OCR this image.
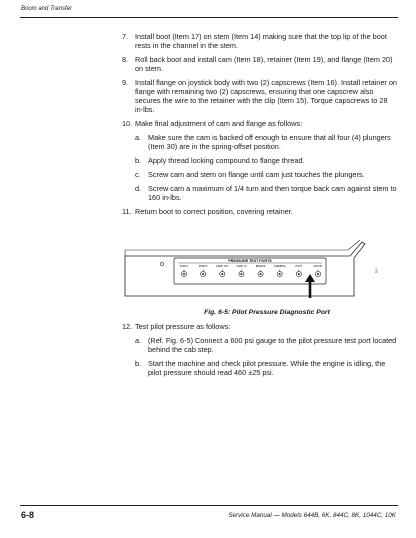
Boom and Transfer
7. Install boot (Item 17) on stem (Item 14) making sure that the top lip of the boot rests in the channel in the stem.
8. Roll back boot and install cam (Item 18), retainer (Item 19), and flange (Item 20) on stem.
9. Install flange on joystick body with two (2) capscrews (Item 16). Install retainer on flange with remaining two (2) capscrews, ensuring that one capscrew also secures the wire to the retainer with the clip (Item 15). Torque capscrews to 28 in-lbs.
10. Make final adjustment of cam and flange as follows:
a. Make sure the cam is backed off enough to ensure that all four (4) plungers (Item 30) are in the spring-offset position.
b. Apply thread locking compound to flange thread.
c. Screw cam and stem on flange until cam just touches the plungers.
d. Screw cam a maximum of 1/4 turn and then torque back cam against stem to 160 in-lbs.
11. Return boot to correct position, covering retainer.
PRESSURE TEST PORTS
PUMP 1	PUMP 2	CARR. OUT	CARR. IN	BRAKES	STEERING	PILOT	ACCUM.
ko
Fig. 6-5: Pilot Pressure Diagnostic Port
12. Test pilot pressure as follows:
a. (Ref. Fig. 6-5) Connect a 600 psi gauge to the pilot pressure test port located behind the cab step.
b. Start the machine and check pilot pressure. While the engine is idling, the pilot pressure should read 460 ±25 psi.
6-8	Service Manual — Models 644B, 6K, 844C, 8K, 1044C, 10K
